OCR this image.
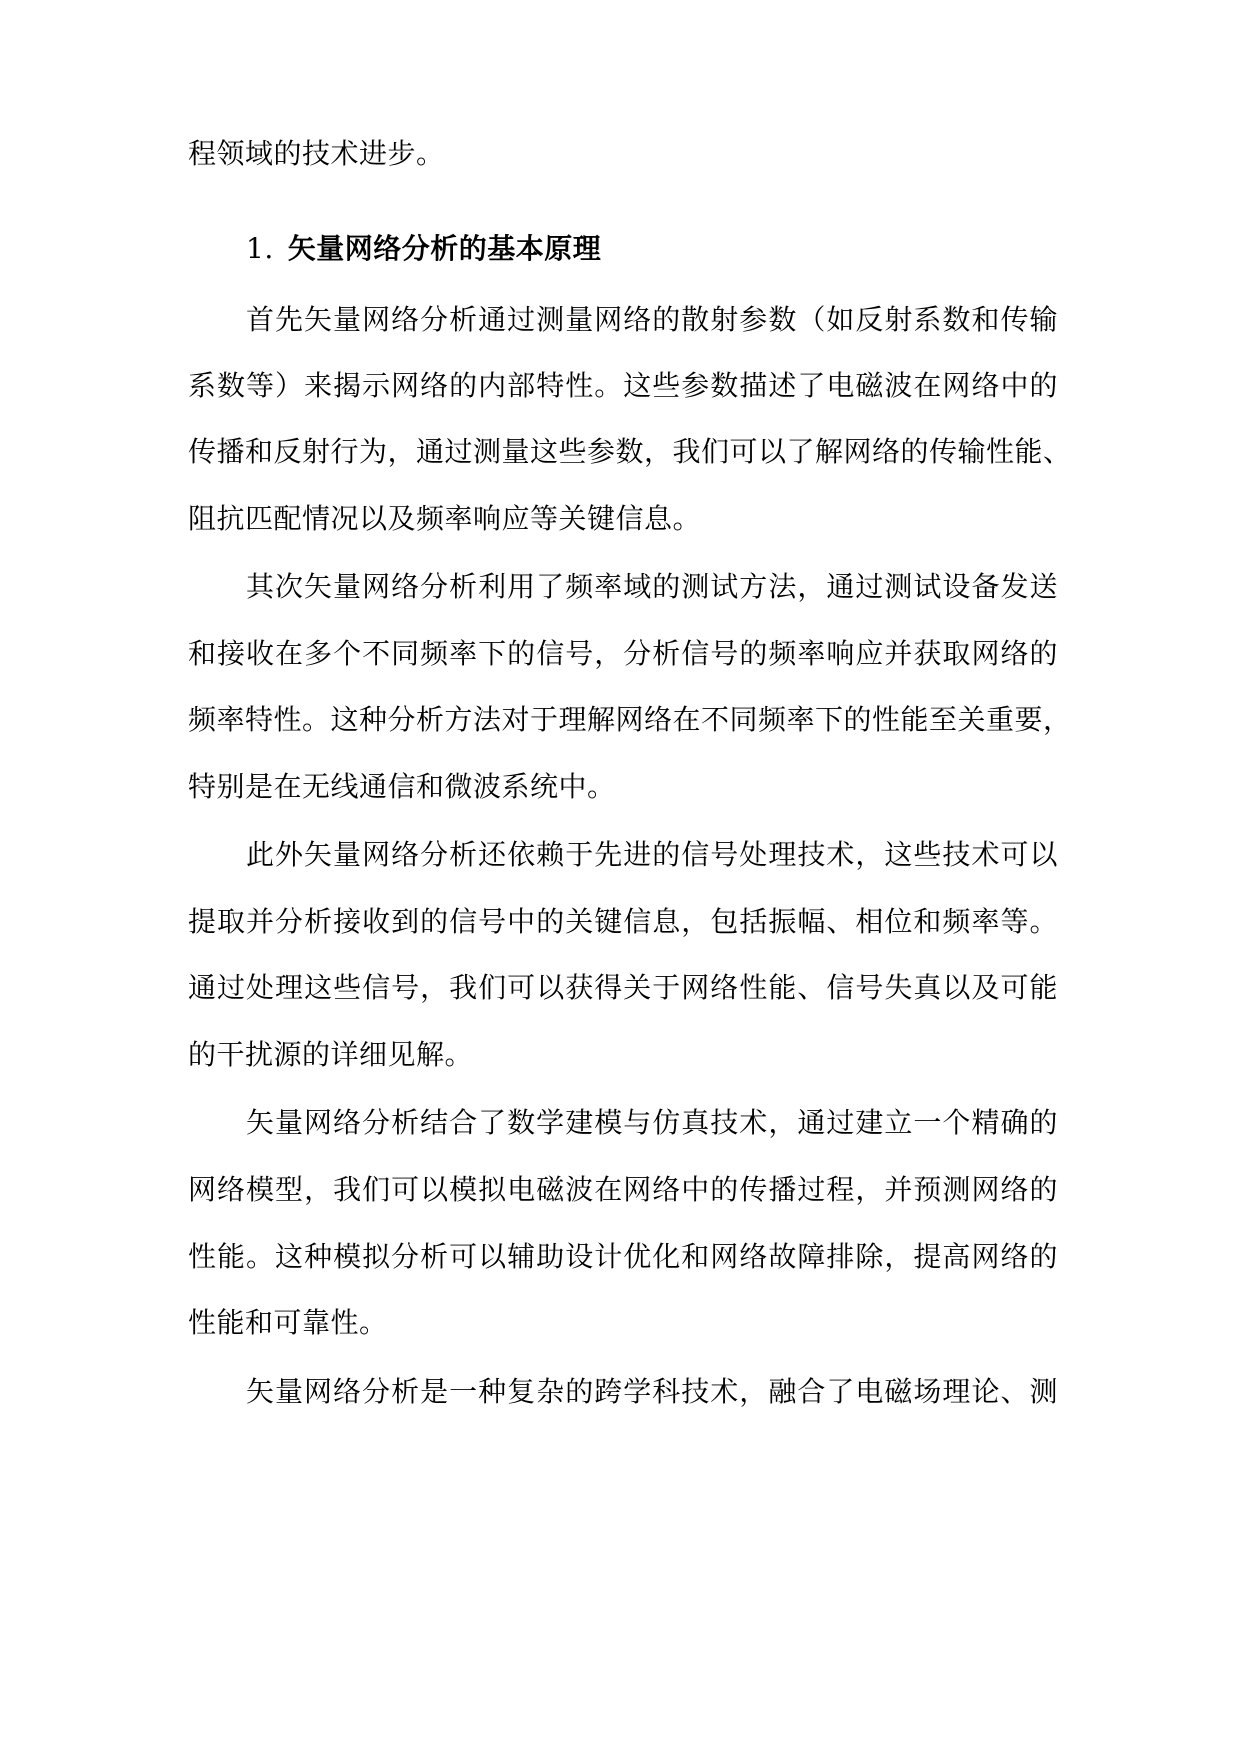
程领域的技术进步。
1. 矢量网络分析的基本原理
首先矢量网络分析通过测量网络的散射参数（如反射系数和传输
系数等）来揭示网络的内部特性。这些参数描述了电磁波在网络中的
传播和反射行为，通过测量这些参数，我们可以了解网络的传输性能、
阻抗匹配情况以及频率响应等关键信息。
其次矢量网络分析利用了频率域的测试方法，通过测试设备发送
和接收在多个不同频率下的信号，分析信号的频率响应并获取网络的
频率特性。这种分析方法对于理解网络在不同频率下的性能至关重要，
特别是在无线通信和微波系统中。
此外矢量网络分析还依赖于先进的信号处理技术，这些技术可以
提取并分析接收到的信号中的关键信息，包括振幅、相位和频率等。
通过处理这些信号，我们可以获得关于网络性能、信号失真以及可能
的干扰源的详细见解。
矢量网络分析结合了数学建模与仿真技术，通过建立一个精确的
网络模型，我们可以模拟电磁波在网络中的传播过程，并预测网络的
性能。这种模拟分析可以辅助设计优化和网络故障排除，提高网络的
性能和可靠性。
矢量网络分析是一种复杂的跨学科技术，融合了电磁场理论、测
